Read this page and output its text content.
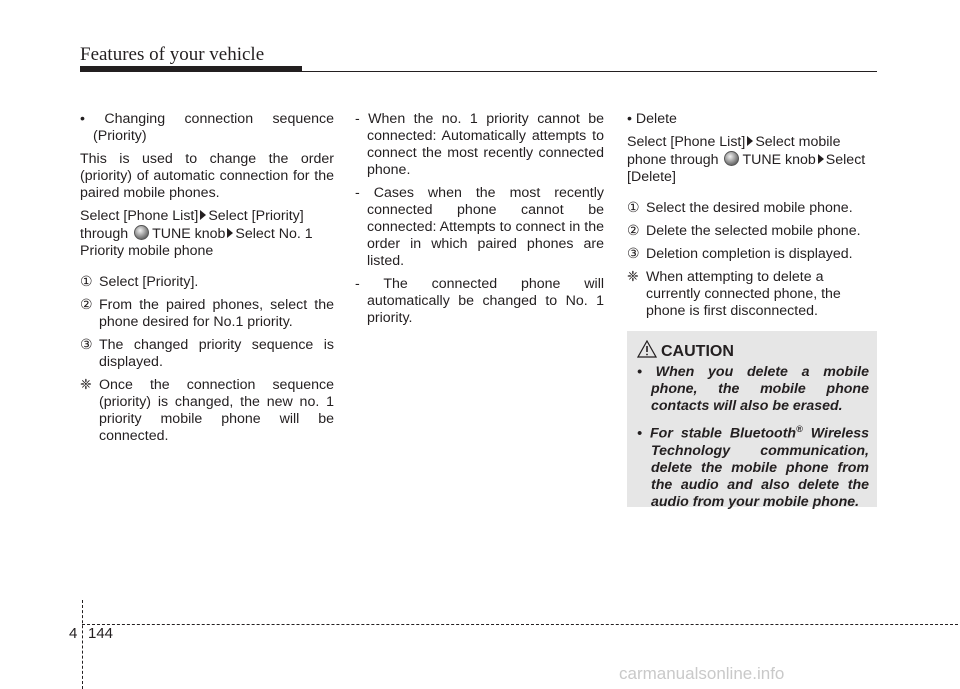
Features of your vehicle

• Changing connection sequence (Priority)

This is used to change the order (priority) of automatic connection for the paired mobile phones.

Select [Phone List] Select [Priority] through TUNE knob Select No. 1 Priority mobile phone

① Select [Priority].

② From the paired phones, select the phone desired for No.1 priority.

③ The changed priority sequence is displayed.

❈ Once the connection sequence (priority) is changed, the new no. 1 priority mobile phone will be connected.

- When the no. 1 priority cannot be connected: Automatically attempts to connect the most recently connected phone.

- Cases when the most recently connected phone cannot be connected: Attempts to connect in the order in which paired phones are listed.

- The connected phone will automatically be changed to No. 1 priority.

• Delete

Select [Phone List] Select mobile phone through TUNE knob Select [Delete]

① Select the desired mobile phone.

② Delete the selected mobile phone.

③ Deletion completion is displayed.

❈ When attempting to delete a currently connected phone, the phone is first disconnected.

CAUTION
• When you delete a mobile phone, the mobile phone contacts will also be erased.
• For stable Bluetooth® Wireless Technology communication, delete the mobile phone from the audio and also delete the audio from your mobile phone.
4 144
carmanualsonline.info
